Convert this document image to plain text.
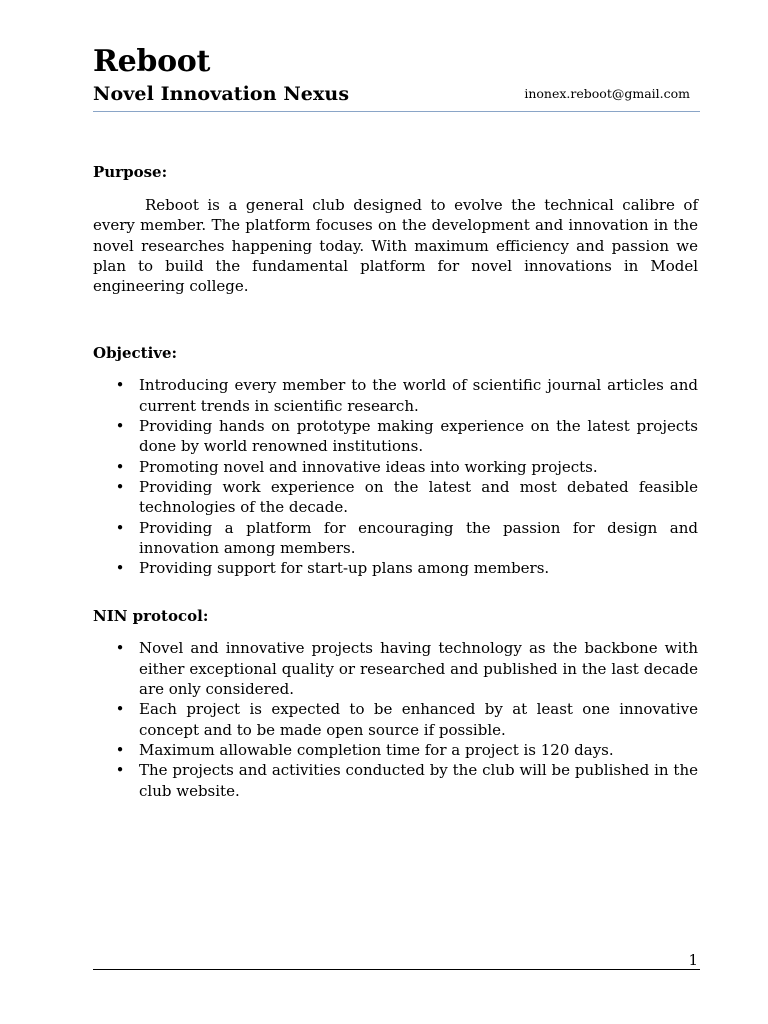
Reboot
Novel Innovation Nexus	inonex.reboot@gmail.com

Purpose:

Reboot is a general club designed to evolve the technical calibre of every member. The platform focuses on the development and innovation in the novel researches happening today. With maximum efficiency and passion we plan to build the fundamental platform for novel innovations in Model engineering college.

Objective:

• Introducing every member to the world of scientific journal articles and current trends in scientific research.
• Providing hands on prototype making experience on the latest projects done by world renowned institutions.
• Promoting novel and innovative ideas into working projects.
• Providing work experience on the latest and most debated feasible technologies of the decade.
• Providing a platform for encouraging the passion for design and innovation among members.
• Providing support for start-up plans among members.

NIN protocol:

• Novel and innovative projects having technology as the backbone with either exceptional quality or researched and published in the last decade are only considered.
• Each project is expected to be enhanced by at least one innovative concept and to be made open source if possible.
• Maximum allowable completion time for a project is 120 days.
• The projects and activities conducted by the club will be published in the club website.
1
